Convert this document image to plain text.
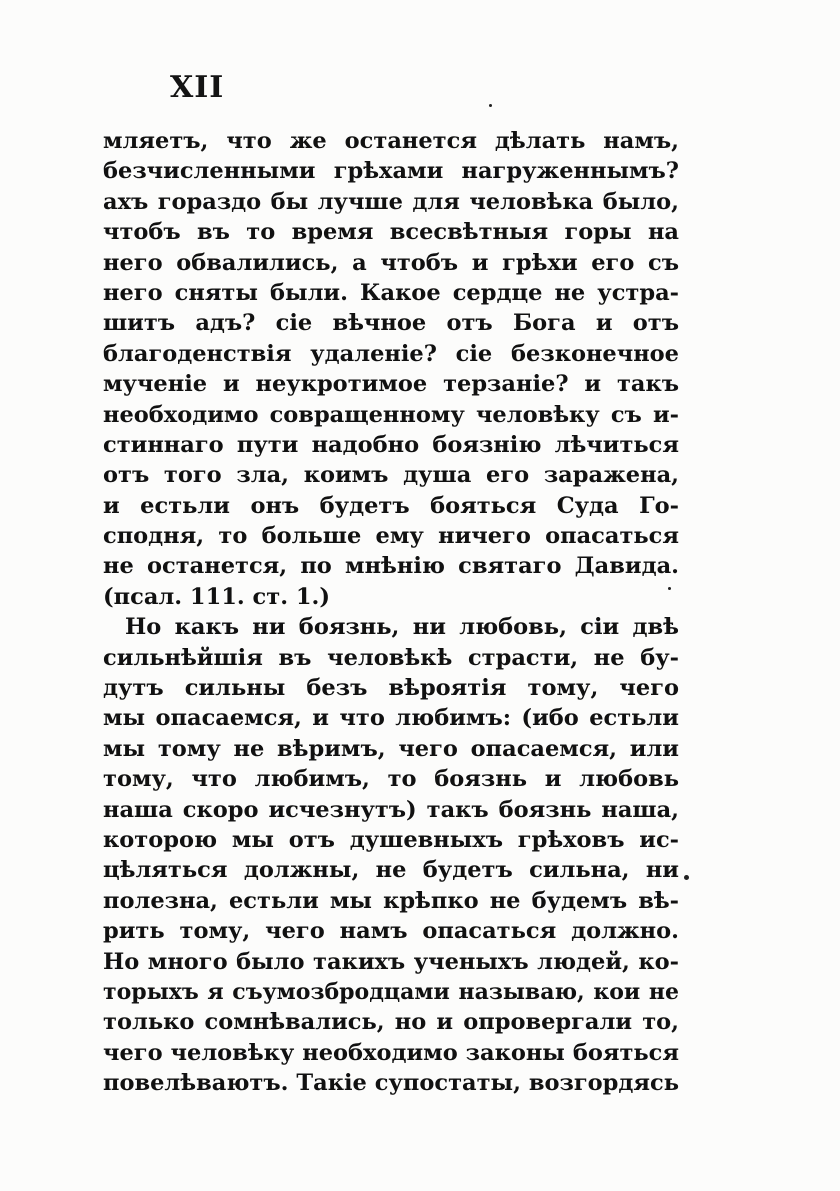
XII
мляетъ, что же останется дѣлать намъ,
безчисленными грѣхами нагруженнымъ?
ахъ гораздо бы лучше для человѣка было,
чтобъ въ то время всесвѣтныя горы на
него обвалились, а чтобъ и грѣхи его съ
него сняты были. Какое сердце не устра-
шитъ адъ? сіе вѣчное отъ Бога и отъ
благоденствія удаленіе? сіе безконечное
мученіе и неукротимое терзаніе? и такъ
необходимо совращенному человѣку съ и-
стиннаго пути надобно боязнію лѣчиться
отъ того зла, коимъ душа его заражена,
и естьли онъ будетъ бояться Суда Го-
сподня, то больше ему ничего опасаться
не останется, по мнѣнію святаго Давида.
(псал. 111. ст. 1.)
Но какъ ни боязнь, ни любовь, сіи двѣ
сильнѣйшія въ человѣкѣ страсти, не бу-
дутъ сильны безъ вѣроятія тому, чего
мы опасаемся, и что любимъ: (ибо естьли
мы тому не вѣримъ, чего опасаемся, или
тому, что любимъ, то боязнь и любовь
наша скоро исчезнутъ) такъ боязнь наша,
которою мы отъ душевныхъ грѣховъ ис-
цѣляться должны, не будетъ сильна, ни
полезна, естьли мы крѣпко не будемъ вѣ-
рить тому, чего намъ опасаться должно.
Но много было такихъ ученыхъ людей, ко-
торыхъ я съумозбродцами называю, кои не
только сомнѣвались, но и опровергали то,
чего человѣку необходимо законы бояться
повелѣваютъ. Такіе супостаты, возгордясь
